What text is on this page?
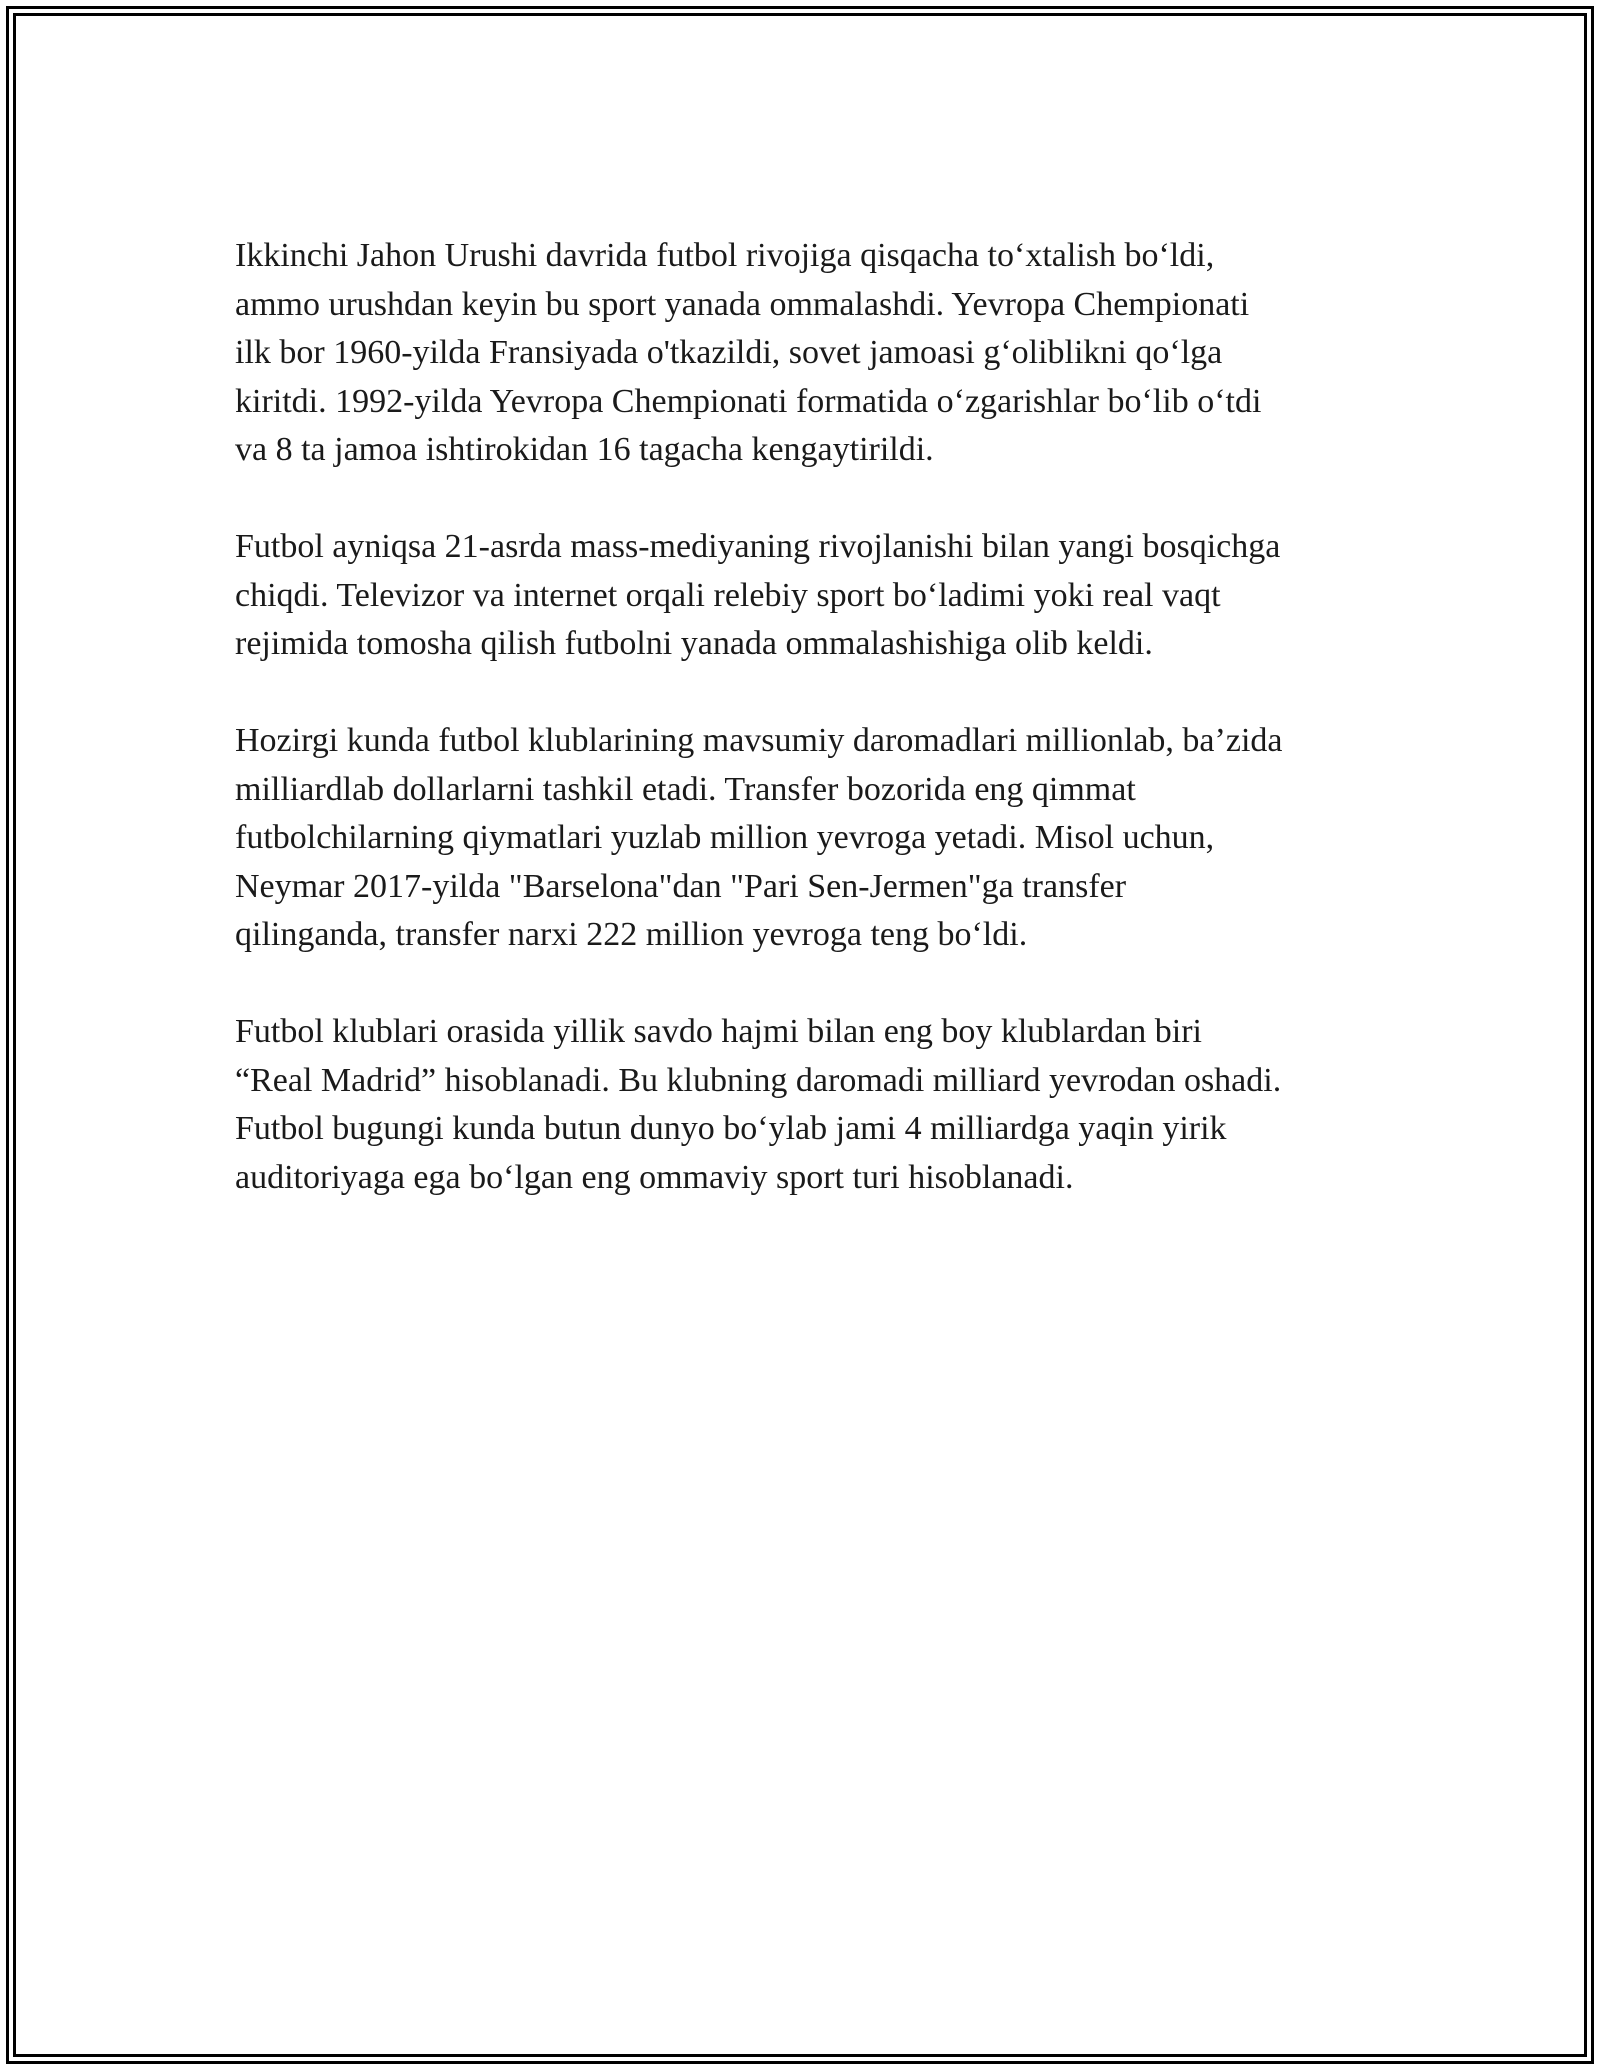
Ikkinchi Jahon Urushi davrida futbol rivojiga qisqacha to‘xtalish bo‘ldi,
ammo urushdan keyin bu sport yanada ommalashdi. Yevropa Chempionati
ilk bor 1960-yilda Fransiyada o'tkazildi, sovet jamoasi g‘oliblikni qo‘lga
kiritdi. 1992-yilda Yevropa Chempionati formatida o‘zgarishlar bo‘lib o‘tdi
va 8 ta jamoa ishtirokidan 16 tagacha kengaytirildi.

Futbol ayniqsa 21-asrda mass-mediyaning rivojlanishi bilan yangi bosqichga
chiqdi. Televizor va internet orqali relebiy sport bo‘ladimi yoki real vaqt
rejimida tomosha qilish futbolni yanada ommalashishiga olib keldi.

Hozirgi kunda futbol klublarining mavsumiy daromadlari millionlab, ba’zida
milliardlab dollarlarni tashkil etadi. Transfer bozorida eng qimmat
futbolchilarning qiymatlari yuzlab million yevroga yetadi. Misol uchun,
Neymar 2017-yilda "Barselona"dan "Pari Sen-Jermen"ga transfer
qilinganda, transfer narxi 222 million yevroga teng bo‘ldi.

Futbol klublari orasida yillik savdo hajmi bilan eng boy klublardan biri
“Real Madrid” hisoblanadi. Bu klubning daromadi milliard yevrodan oshadi.
Futbol bugungi kunda butun dunyo bo‘ylab jami 4 milliardga yaqin yirik
auditoriyaga ega bo‘lgan eng ommaviy sport turi hisoblanadi.
